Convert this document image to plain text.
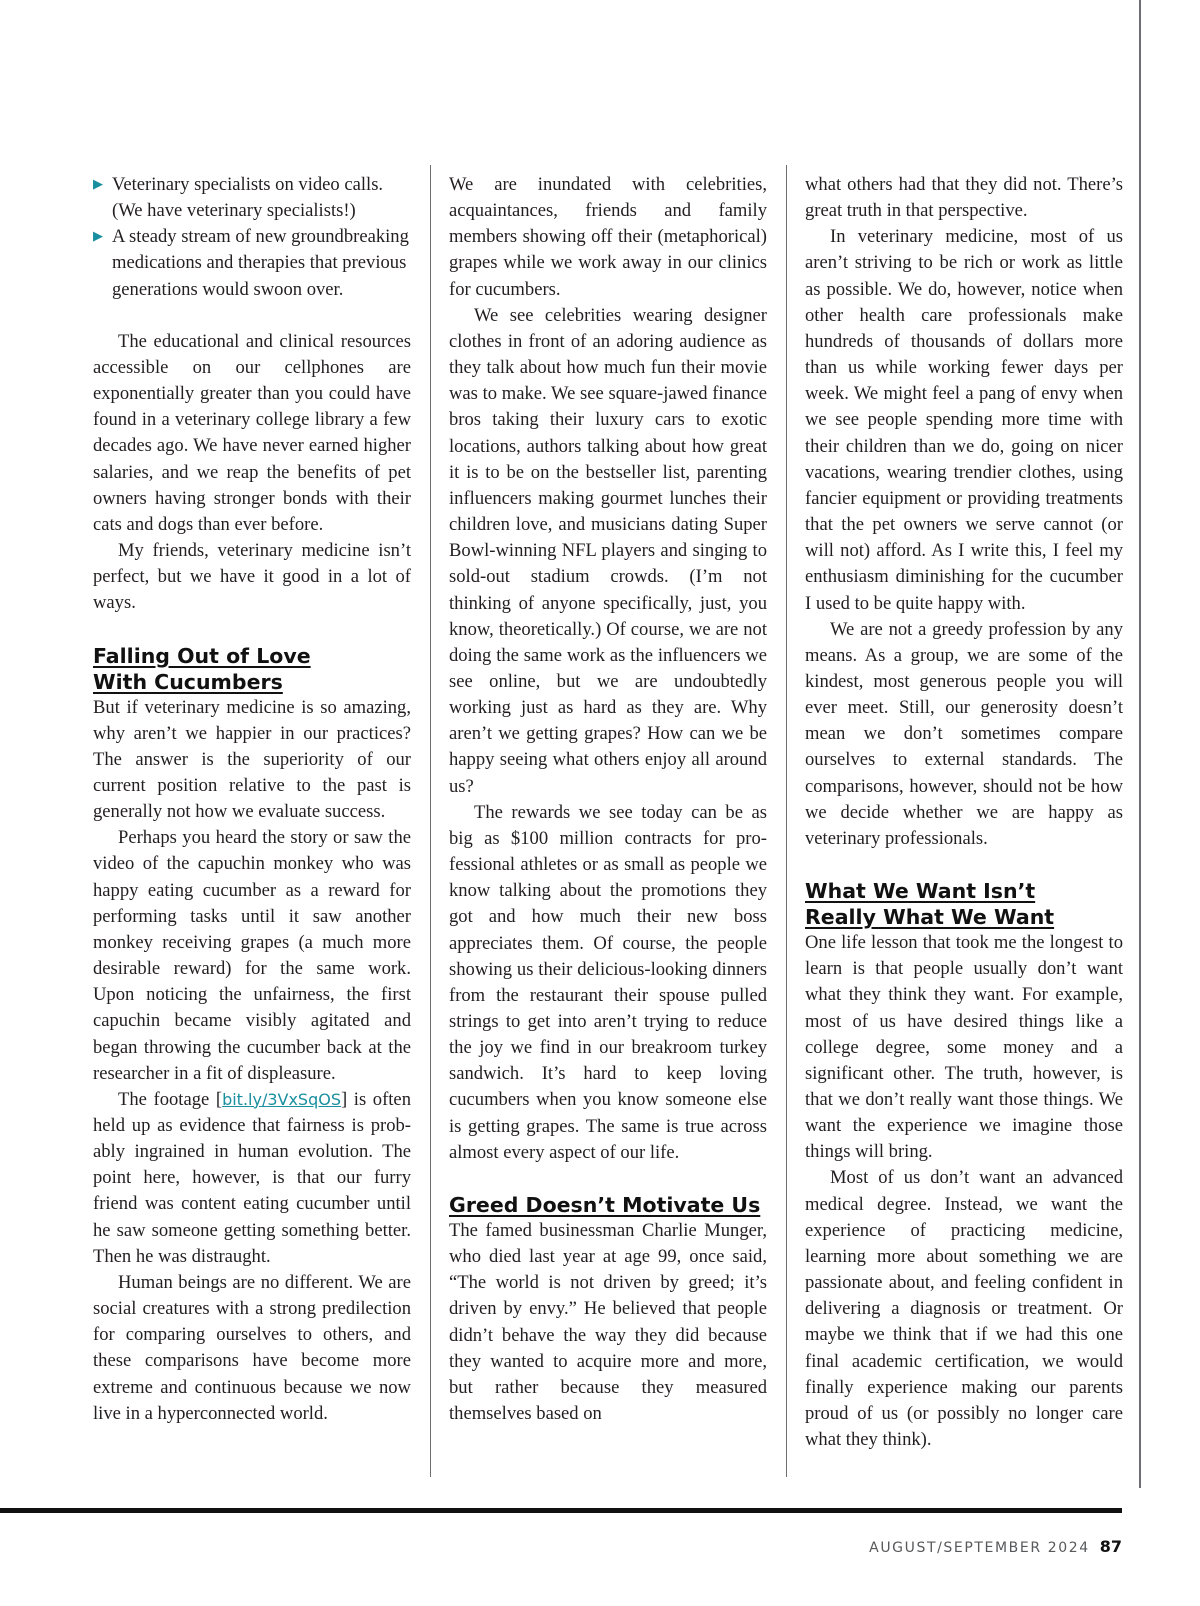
▶ Veterinary specialists on video calls. (We have veterinary specialists!)
▶ A steady stream of new groundbreaking medications and therapies that previous generations would swoon over.

The educational and clinical resources accessible on our cellphones are exponentially greater than you could have found in a veterinary college library a few decades ago. We have never earned higher salaries, and we reap the benefits of pet owners having stronger bonds with their cats and dogs than ever before.

My friends, veterinary medicine isn’t perfect, but we have it good in a lot of ways.

Falling Out of Love
With Cucumbers

But if veterinary medicine is so amazing, why aren’t we happier in our practices? The answer is the superiority of our current position relative to the past is generally not how we evaluate success.

Perhaps you heard the story or saw the video of the capuchin monkey who was happy eating cucumber as a reward for performing tasks until it saw another monkey receiving grapes (a much more desirable reward) for the same work. Upon noticing the unfairness, the first capuchin became visibly agitated and began throwing the cucumber back at the researcher in a fit of displeasure.

The footage [bit.ly/3VxSqOS] is often held up as evidence that fairness is probably ingrained in human evolution. The point here, however, is that our furry friend was content eating cucumber until he saw someone getting something better. Then he was distraught.

Human beings are no different. We are social creatures with a strong predilection for comparing ourselves to others, and these comparisons have become more extreme and continuous because we now live in a hyperconnected world.

We are inundated with celebrities, acquaintances, friends and family members showing off their (metaphorical) grapes while we work away in our clinics for cucumbers.

We see celebrities wearing designer clothes in front of an adoring audience as they talk about how much fun their movie was to make. We see square-jawed finance bros taking their luxury cars to exotic locations, authors talking about how great it is to be on the bestseller list, parenting influencers making gourmet lunches their children love, and musicians dating Super Bowl-winning NFL players and singing to sold-out stadium crowds. (I’m not thinking of anyone specifically, just, you know, theoretically.) Of course, we are not doing the same work as the influencers we see online, but we are undoubtedly working just as hard as they are. Why aren’t we getting grapes? How can we be happy seeing what others enjoy all around us?

The rewards we see today can be as big as $100 million contracts for professional athletes or as small as people we know talking about the promotions they got and how much their new boss appreciates them. Of course, the people showing us their delicious-looking dinners from the restaurant their spouse pulled strings to get into aren’t trying to reduce the joy we find in our breakroom turkey sandwich. It’s hard to keep loving cucumbers when you know someone else is getting grapes. The same is true across almost every aspect of our life.

Greed Doesn’t Motivate Us

The famed businessman Charlie Munger, who died last year at age 99, once said, “The world is not driven by greed; it’s driven by envy.” He believed that people didn’t behave the way they did because they wanted to acquire more and more, but rather because they measured themselves based on

what others had that they did not. There’s great truth in that perspective.

In veterinary medicine, most of us aren’t striving to be rich or work as little as possible. We do, however, notice when other health care professionals make hundreds of thousands of dollars more than us while working fewer days per week. We might feel a pang of envy when we see people spending more time with their children than we do, going on nicer vacations, wearing trendier clothes, using fancier equipment or providing treatments that the pet owners we serve cannot (or will not) afford. As I write this, I feel my enthusiasm diminishing for the cucumber I used to be quite happy with.

We are not a greedy profession by any means. As a group, we are some of the kindest, most generous people you will ever meet. Still, our generosity doesn’t mean we don’t sometimes compare ourselves to external standards. The comparisons, however, should not be how we decide whether we are happy as veterinary professionals.

What We Want Isn’t
Really What We Want

One life lesson that took me the longest to learn is that people usually don’t want what they think they want. For example, most of us have desired things like a college degree, some money and a significant other. The truth, however, is that we don’t really want those things. We want the experience we imagine those things will bring.

Most of us don’t want an advanced medical degree. Instead, we want the experience of practicing medicine, learning more about something we are passionate about, and feeling confident in delivering a diagnosis or treatment. Or maybe we think that if we had this one final academic certification, we would finally experience making our parents proud of us (or possibly no longer care what they think).

AUGUST/SEPTEMBER 2024 87
